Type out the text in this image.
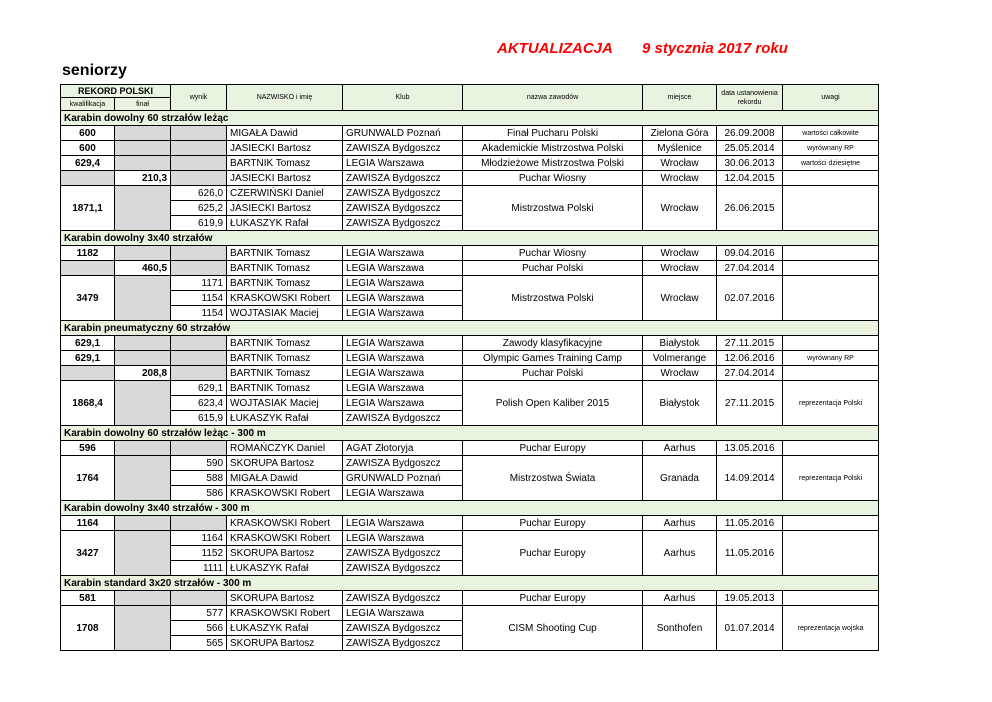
AKTUALIZACJA 9 stycznia 2017 roku
seniorzy
REKORD POLSKI		wynik	NAZWISKO i imię	Klub	nazwa zawodów	miejsce	data ustanowienia rekordu	uwagi
kwalifikacja	finał							
Karabin dowolny 60 strzałów leżąc								
600			MIGAŁA Dawid	GRUNWALD Poznań	Finał Pucharu Polski	Zielona Góra	26.09.2008	wartości całkowite
600			JASIECKI Bartosz	ZAWISZA Bydgoszcz	Akademickie Mistrzostwa Polski	Myślenice	25.05.2014	wyrównany RP
629,4			BARTNIK Tomasz	LEGIA Warszawa	Młodzieżowe Mistrzostwa Polski	Wrocław	30.06.2013	wartości dziesiętne
	210,3		JASIECKI Bartosz	ZAWISZA Bydgoszcz	Puchar Wiosny	Wrocław	12.04.2015	
1871,1		626,0	CZERWIŃSKI Daniel	ZAWISZA Bydgoszcz	Mistrzostwa Polski	Wrocław	26.06.2015	
		625,2	JASIECKI Bartosz	ZAWISZA Bydgoszcz				
		619,9	ŁUKASZYK Rafał	ZAWISZA Bydgoszcz				
Karabin dowolny 3x40 strzałów								
1182			BARTNIK Tomasz	LEGIA Warszawa	Puchar Wiosny	Wrocław	09.04.2016	
	460,5		BARTNIK Tomasz	LEGIA Warszawa	Puchar Polski	Wrocław	27.04.2014	
3479		1171	BARTNIK Tomasz	LEGIA Warszawa	Mistrzostwa Polski	Wrocław	02.07.2016	
		1154	KRASKOWSKI Robert	LEGIA Warszawa				
		1154	WOJTASIAK Maciej	LEGIA Warszawa				
Karabin pneumatyczny 60 strzałów								
629,1			BARTNIK Tomasz	LEGIA Warszawa	Zawody klasyfikacyjne	Białystok	27.11.2015	
629,1			BARTNIK Tomasz	LEGIA Warszawa	Olympic Games Training Camp	Volmerange	12.06.2016	wyrównany RP
	208,8		BARTNIK Tomasz	LEGIA Warszawa	Puchar Polski	Wrocław	27.04.2014	
1868,4		629,1	BARTNIK Tomasz	LEGIA Warszawa	Polish Open Kaliber 2015	Białystok	27.11.2015	reprezentacja Polski
		623,4	WOJTASIAK Maciej	LEGIA Warszawa				
		615,9	ŁUKASZYK Rafał	ZAWISZA Bydgoszcz				
Karabin dowolny 60 strzałów leżąc - 300 m								
596			ROMAŃCZYK Daniel	AGAT Złotoryja	Puchar Europy	Aarhus	13.05.2016	
1764		590	SKORUPA Bartosz	ZAWISZA Bydgoszcz	Mistrzostwa Świata	Granada	14.09.2014	reprezentacja Polski
		588	MIGAŁA Dawid	GRUNWALD Poznań				
		586	KRASKOWSKI Robert	LEGIA Warszawa				
Karabin dowolny 3x40 strzałów - 300 m								
1164			KRASKOWSKI Robert	LEGIA Warszawa	Puchar Europy	Aarhus	11.05.2016	
3427		1164	KRASKOWSKI Robert	LEGIA Warszawa	Puchar Europy	Aarhus	11.05.2016	
		1152	SKORUPA Bartosz	ZAWISZA Bydgoszcz				
		1111	ŁUKASZYK Rafał	ZAWISZA Bydgoszcz				
Karabin standard 3x20 strzałów - 300 m								
581			SKORUPA Bartosz	ZAWISZA Bydgoszcz	Puchar Europy	Aarhus	19.05.2013	
1708		577	KRASKOWSKI Robert	LEGIA Warszawa	CISM Shooting Cup	Sonthofen	01.07.2014	reprezentacja wojska
		566	ŁUKASZYK Rafał	ZAWISZA Bydgoszcz				
		565	SKORUPA Bartosz	ZAWISZA Bydgoszcz				
